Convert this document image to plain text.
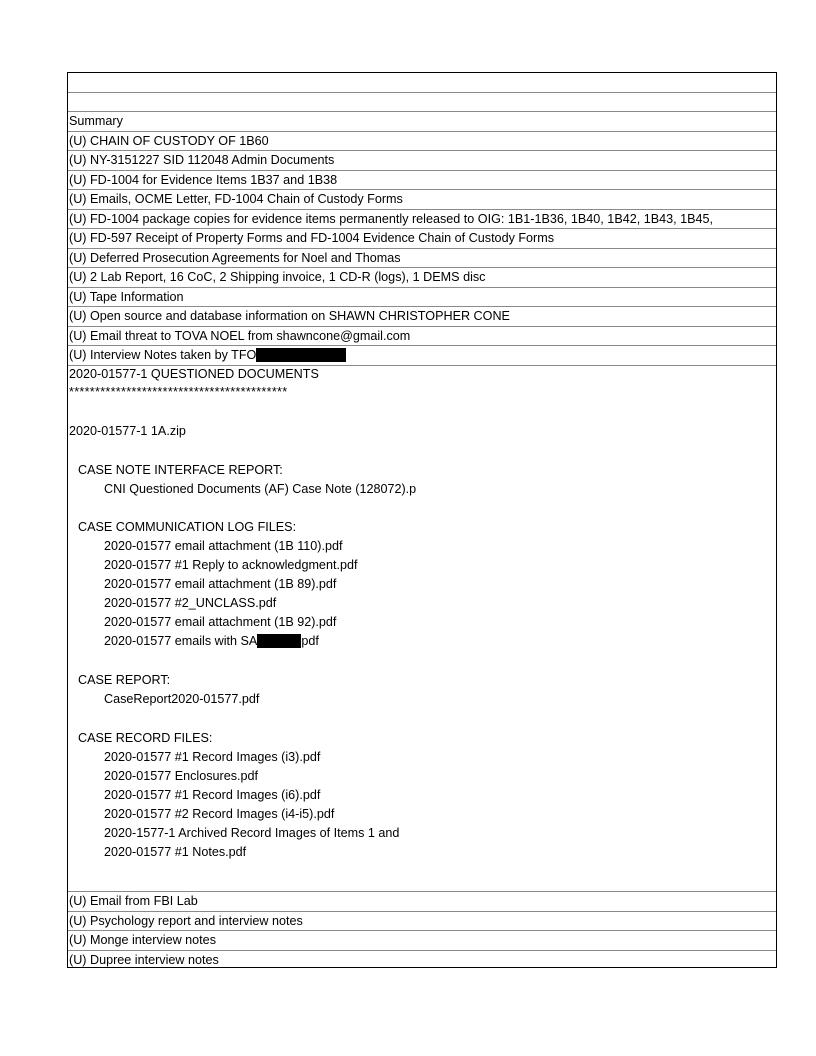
Summary
(U) CHAIN OF CUSTODY OF 1B60
(U) NY-3151227 SID 112048 Admin Documents
(U) FD-1004 for Evidence Items 1B37 and 1B38
(U) Emails, OCME Letter, FD-1004 Chain of Custody Forms
(U) FD-1004 package copies for evidence items permanently released to OIG: 1B1-1B36, 1B40, 1B42, 1B43, 1B45,
(U) FD-597 Receipt of Property Forms and FD-1004 Evidence Chain of Custody Forms
(U) Deferred Prosecution Agreements for Noel and Thomas
(U) 2 Lab Report, 16 CoC, 2 Shipping invoice, 1 CD-R (logs), 1 DEMS disc
(U) Tape Information
(U) Open source and database information on SHAWN CHRISTOPHER CONE
(U) Email threat to TOVA NOEL from shawncone@gmail.com
(U) Interview Notes taken by TFO
2020-01577-1 QUESTIONED DOCUMENTS
******************************************
2020-01577-1 1A.zip
CASE NOTE INTERFACE REPORT:
CNI Questioned Documents (AF) Case Note (128072).p
CASE COMMUNICATION LOG FILES:
2020-01577 email attachment (1B 110).pdf
2020-01577 #1 Reply to acknowledgment.pdf
2020-01577 email attachment (1B 89).pdf
2020-01577 #2_UNCLASS.pdf
2020-01577 email attachment (1B 92).pdf
2020-01577 emails with SA	pdf
CASE REPORT:
CaseReport2020-01577.pdf
CASE RECORD FILES:
2020-01577 #1 Record Images (i3).pdf
2020-01577 Enclosures.pdf
2020-01577 #1 Record Images (i6).pdf
2020-01577 #2 Record Images (i4-i5).pdf
2020-1577-1 Archived Record Images of Items 1 and
2020-01577 #1 Notes.pdf
(U) Email from FBI Lab
(U) Psychology report and interview notes
(U) Monge interview notes
(U) Dupree interview notes
